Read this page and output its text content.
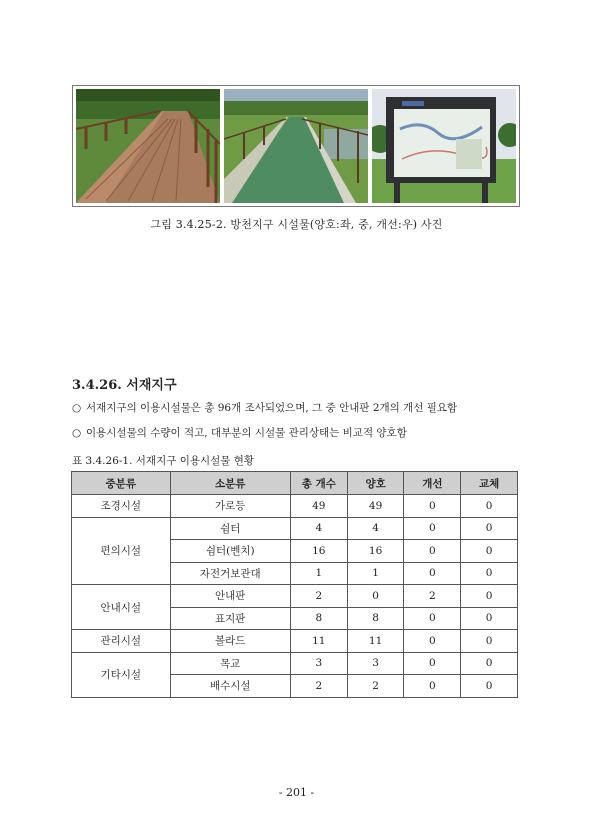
그림 3.4.25-2. 방천지구 시설물(양호:좌, 중, 개선:우) 사진
3.4.26. 서재지구
○ 서재지구의 이용시설물은 총 96개 조사되었으며, 그 중 안내판 2개의 개선 필요함
○ 이용시설물의 수량이 적고, 대부분의 시설물 관리상태는 비교적 양호함
표 3.4.26-1. 서재지구 이용시설물 현황
중분류	소분류	총 개수	양호	개선	교체
조경시설	가로등	49	49	0	0
편의시설	쉼터	4	4	0	0
	쉼터(벤치)	16	16	0	0
	자전거보관대	1	1	0	0
안내시설	안내판	2	0	2	0
	표지판	8	8	0	0
관리시설	볼라드	11	11	0	0
기타시설	목교	3	3	0	0
	배수시설	2	2	0	0
- 201 -
